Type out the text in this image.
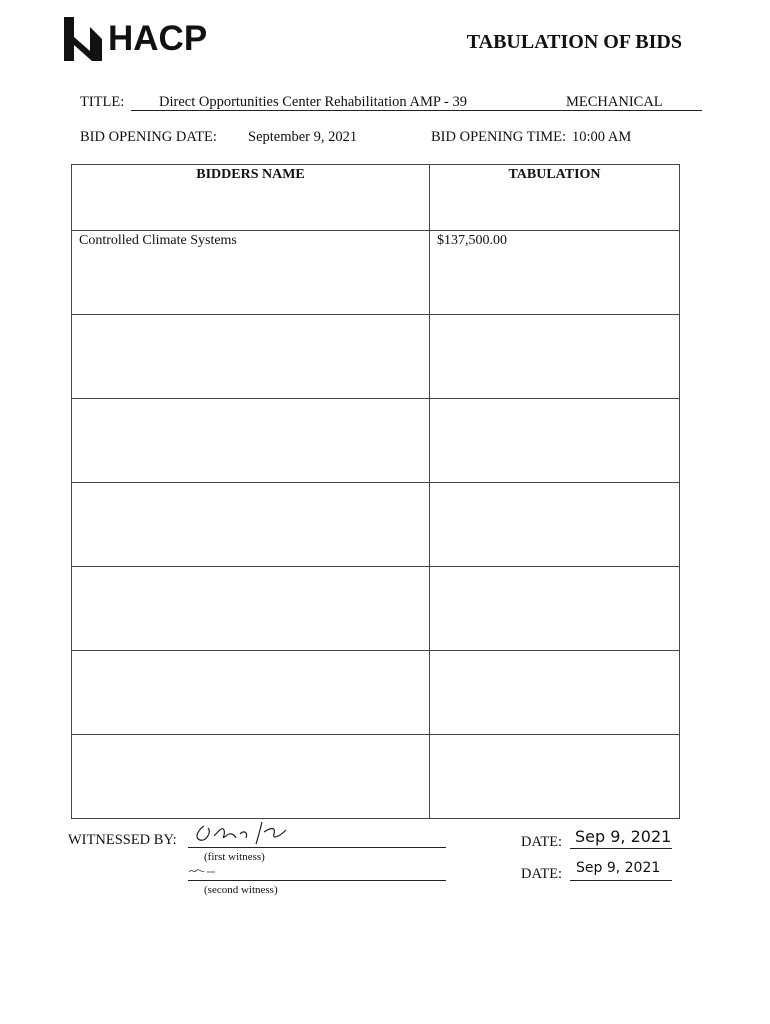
HACP	TABULATION OF BIDS
TITLE: Direct Opportunities Center Rehabilitation AMP - 39	MECHANICAL
BID OPENING DATE: September 9, 2021	BID OPENING TIME: 10:00 AM
BIDDERS NAME	TABULATION

Controlled Climate Systems	$137,500.00

WITNESSED BY:
(first witness)
(second witness)
DATE: Sep 9, 2021
DATE: Sep 9, 2021
